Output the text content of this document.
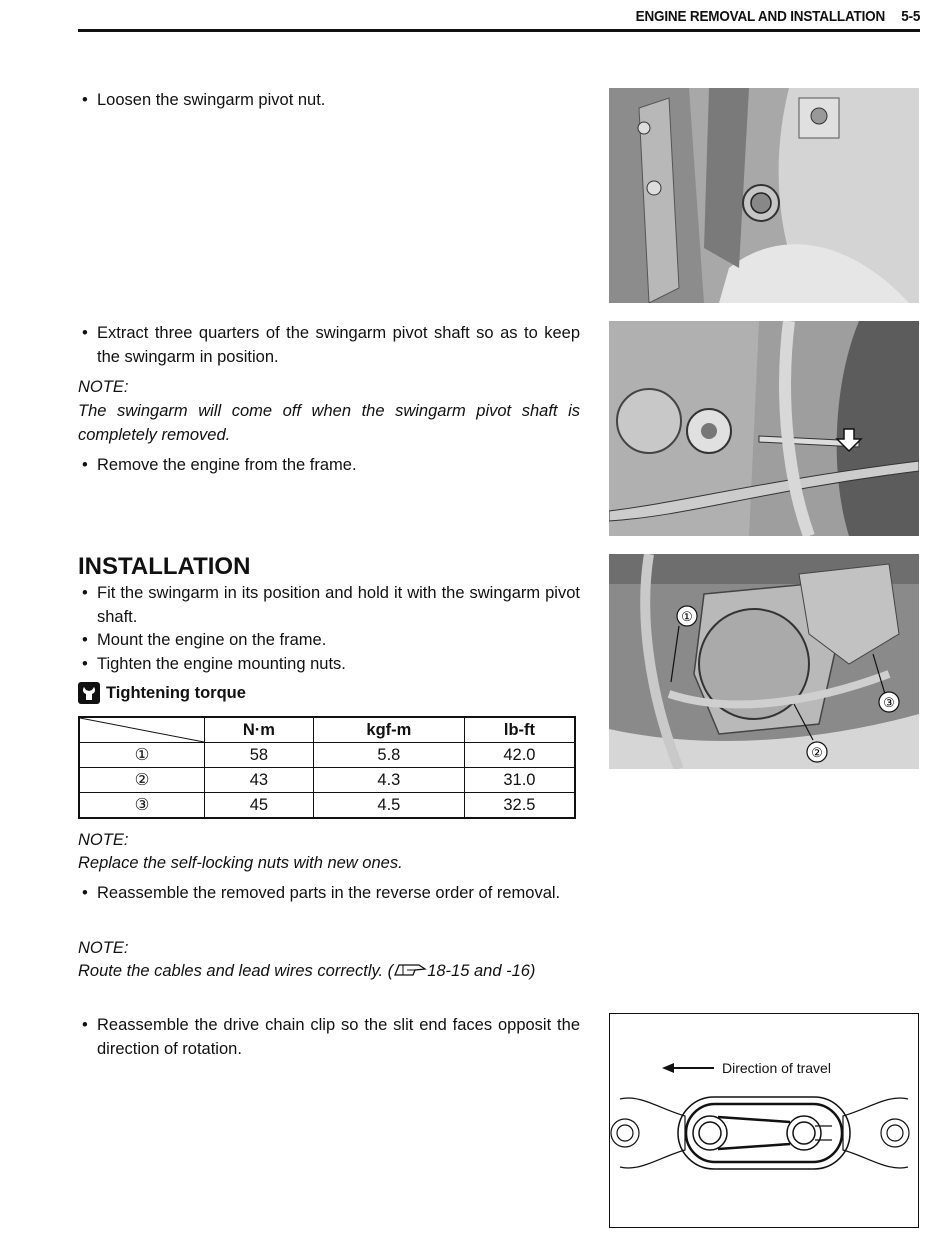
ENGINE REMOVAL AND INSTALLATION 5-5
• Loosen the swingarm pivot nut.
• Extract three quarters of the swingarm pivot shaft so as to keep the swingarm in position.
NOTE:
The swingarm will come off when the swingarm pivot shaft is completely removed.
• Remove the engine from the frame.
INSTALLATION
• Fit the swingarm in its position and hold it with the swingarm pivot shaft.
• Mount the engine on the frame.
• Tighten the engine mounting nuts.
Tightening torque
	N·m	kgf-m	lb-ft
①	58	5.8	42.0
②	43	4.3	31.0
③	45	4.5	32.5
NOTE:
Replace the self-locking nuts with new ones.
• Reassemble the removed parts in the reverse order of removal.
NOTE:
Route the cables and lead wires correctly. ( 18-15 and -16)
• Reassemble the drive chain clip so the slit end faces opposit the direction of rotation.
①
②
③
Direction of travel
